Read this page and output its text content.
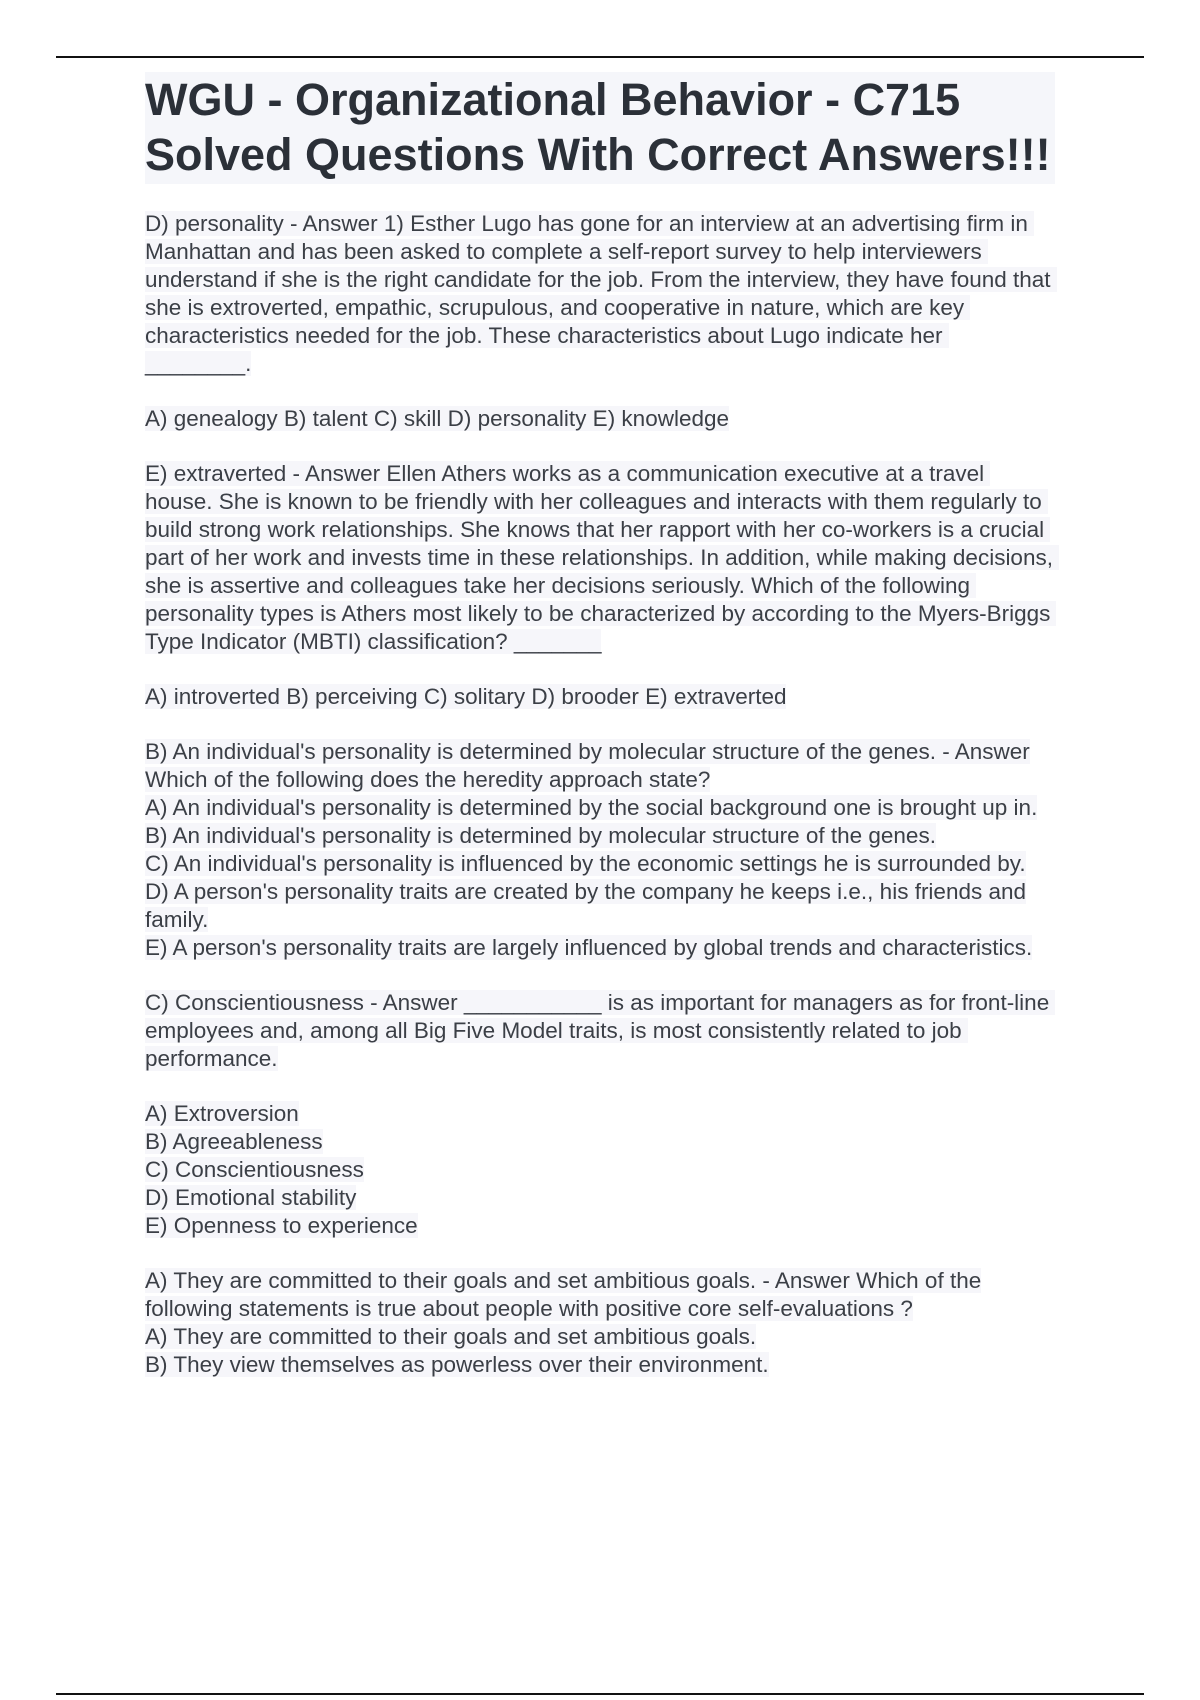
WGU - Organizational Behavior - C715 Solved Questions With Correct Answers!!!

D) personality - Answer 1) Esther Lugo has gone for an interview at an advertising firm in Manhattan and has been asked to complete a self-report survey to help interviewers understand if she is the right candidate for the job. From the interview, they have found that she is extroverted, empathic, scrupulous, and cooperative in nature, which are key characteristics needed for the job. These characteristics about Lugo indicate her ________.

A) genealogy B) talent C) skill D) personality E) knowledge

E) extraverted - Answer Ellen Athers works as a communication executive at a travel house. She is known to be friendly with her colleagues and interacts with them regularly to build strong work relationships. She knows that her rapport with her co-workers is a crucial part of her work and invests time in these relationships. In addition, while making decisions, she is assertive and colleagues take her decisions seriously. Which of the following personality types is Athers most likely to be characterized by according to the Myers-Briggs Type Indicator (MBTI) classification? _______

A) introverted B) perceiving C) solitary D) brooder E) extraverted

B) An individual's personality is determined by molecular structure of the genes. - Answer Which of the following does the heredity approach state?
A) An individual's personality is determined by the social background one is brought up in.
B) An individual's personality is determined by molecular structure of the genes.
C) An individual's personality is influenced by the economic settings he is surrounded by.
D) A person's personality traits are created by the company he keeps i.e., his friends and family.
E) A person's personality traits are largely influenced by global trends and characteristics.

C) Conscientiousness - Answer ___________ is as important for managers as for front-line employees and, among all Big Five Model traits, is most consistently related to job performance.

A) Extroversion
B) Agreeableness
C) Conscientiousness
D) Emotional stability
E) Openness to experience
A) They are committed to their goals and set ambitious goals. - Answer Which of the following statements is true about people with positive core self-evaluations ?
A) They are committed to their goals and set ambitious goals.
B) They view themselves as powerless over their environment.
